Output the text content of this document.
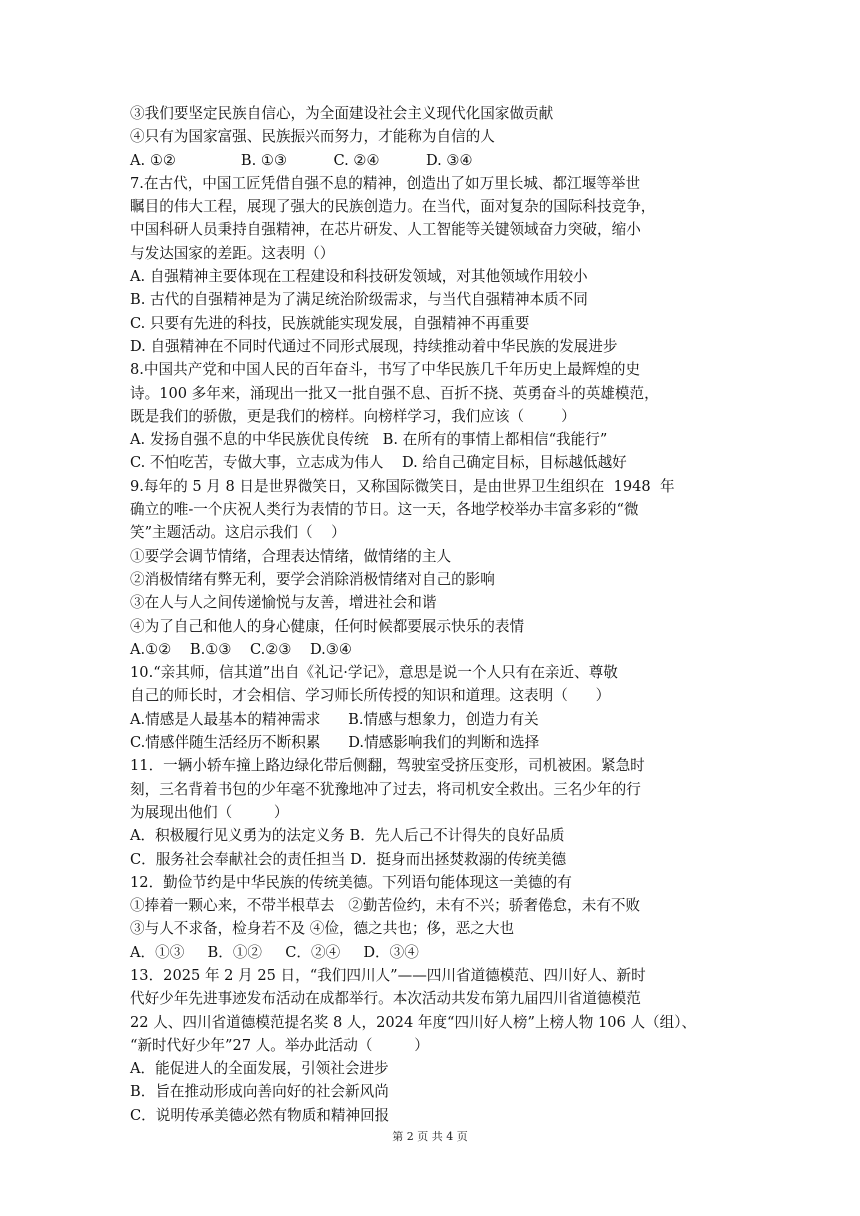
③我们要坚定民族自信心，为全面建设社会主义现代化国家做贡献
④只有为国家富强、民族振兴而努力，才能称为自信的人
A. ①②              B. ①③          C. ②④          D. ③④
7.在古代，中国工匠凭借自强不息的精神，创造出了如万里长城、都江堰等举世
瞩目的伟大工程，展现了强大的民族创造力。在当代，面对复杂的国际科技竞争，
中国科研人员秉持自强精神，在芯片研发、人工智能等关键领域奋力突破，缩小
与发达国家的差距。这表明（）
A. 自强精神主要体现在工程建设和科技研发领域，对其他领域作用较小
B. 古代的自强精神是为了满足统治阶级需求，与当代自强精神本质不同
C. 只要有先进的科技，民族就能实现发展，自强精神不再重要
D. 自强精神在不同时代通过不同形式展现，持续推动着中华民族的发展进步
8.中国共产党和中国人民的百年奋斗，书写了中华民族几千年历史上最辉煌的史
诗。100 多年来，涌现出一批又一批自强不息、百折不挠、英勇奋斗的英雄模范，
既是我们的骄傲，更是我们的榜样。向榜样学习，我们应该（        ）
A. 发扬自强不息的中华民族优良传统   B. 在所有的事情上都相信“我能行”
C. 不怕吃苦，专做大事，立志成为伟人    D. 给自己确定目标，目标越低越好
9.每年的 5 月 8 日是世界微笑日，又称国际微笑日，是由世界卫生组织在  1948  年
确立的唯-一个庆祝人类行为表情的节日。这一天，各地学校举办丰富多彩的“微
笑”主题活动。这启示我们（    ）
①要学会调节情绪，合理表达情绪，做情绪的主人
②消极情绪有弊无利，要学会消除消极情绪对自己的影响
③在人与人之间传递愉悦与友善，增进社会和谐
④为了自己和他人的身心健康，任何时候都要展示快乐的表情
A.①②    B.①③    C.②③    D.③④
10.“亲其师，信其道”出自《礼记·学记》，意思是说一个人只有在亲近、尊敬
自己的师长时，才会相信、学习师长所传授的知识和道理。这表明（      ）
A.情感是人最基本的精神需求      B.情感与想象力，创造力有关
C.情感伴随生活经历不断积累      D.情感影响我们的判断和选择
11．一辆小轿车撞上路边绿化带后侧翻，驾驶室受挤压变形，司机被困。紧急时
刻，三名背着书包的少年毫不犹豫地冲了过去，将司机安全救出。三名少年的行
为展现出他们（         ）
A．积极履行见义勇为的法定义务 B．先人后己不计得失的良好品质
C．服务社会奉献社会的责任担当 D．挺身而出拯焚救溺的传统美德
12．勤俭节约是中华民族的传统美德。下列语句能体现这一美德的有
①捧着一颗心来，不带半根草去   ②勤苦俭约，未有不兴；骄奢倦怠，未有不败
③与人不求备，检身若不及 ④俭，德之共也；侈，恶之大也
A．①③     B．①②     C．②④     D．③④
13．2025 年 2 月 25 日，“我们四川人”——四川省道德模范、四川好人、新时
代好少年先进事迹发布活动在成都举行。本次活动共发布第九届四川省道德模范
22 人、四川省道德模范提名奖 8 人，2024 年度“四川好人榜”上榜人物 106 人（组）、
“新时代好少年”27 人。举办此活动（         ）
A．能促进人的全面发展，引领社会进步
B．旨在推动形成向善向好的社会新风尚
C．说明传承美德必然有物质和精神回报
第 2 页 共 4 页
